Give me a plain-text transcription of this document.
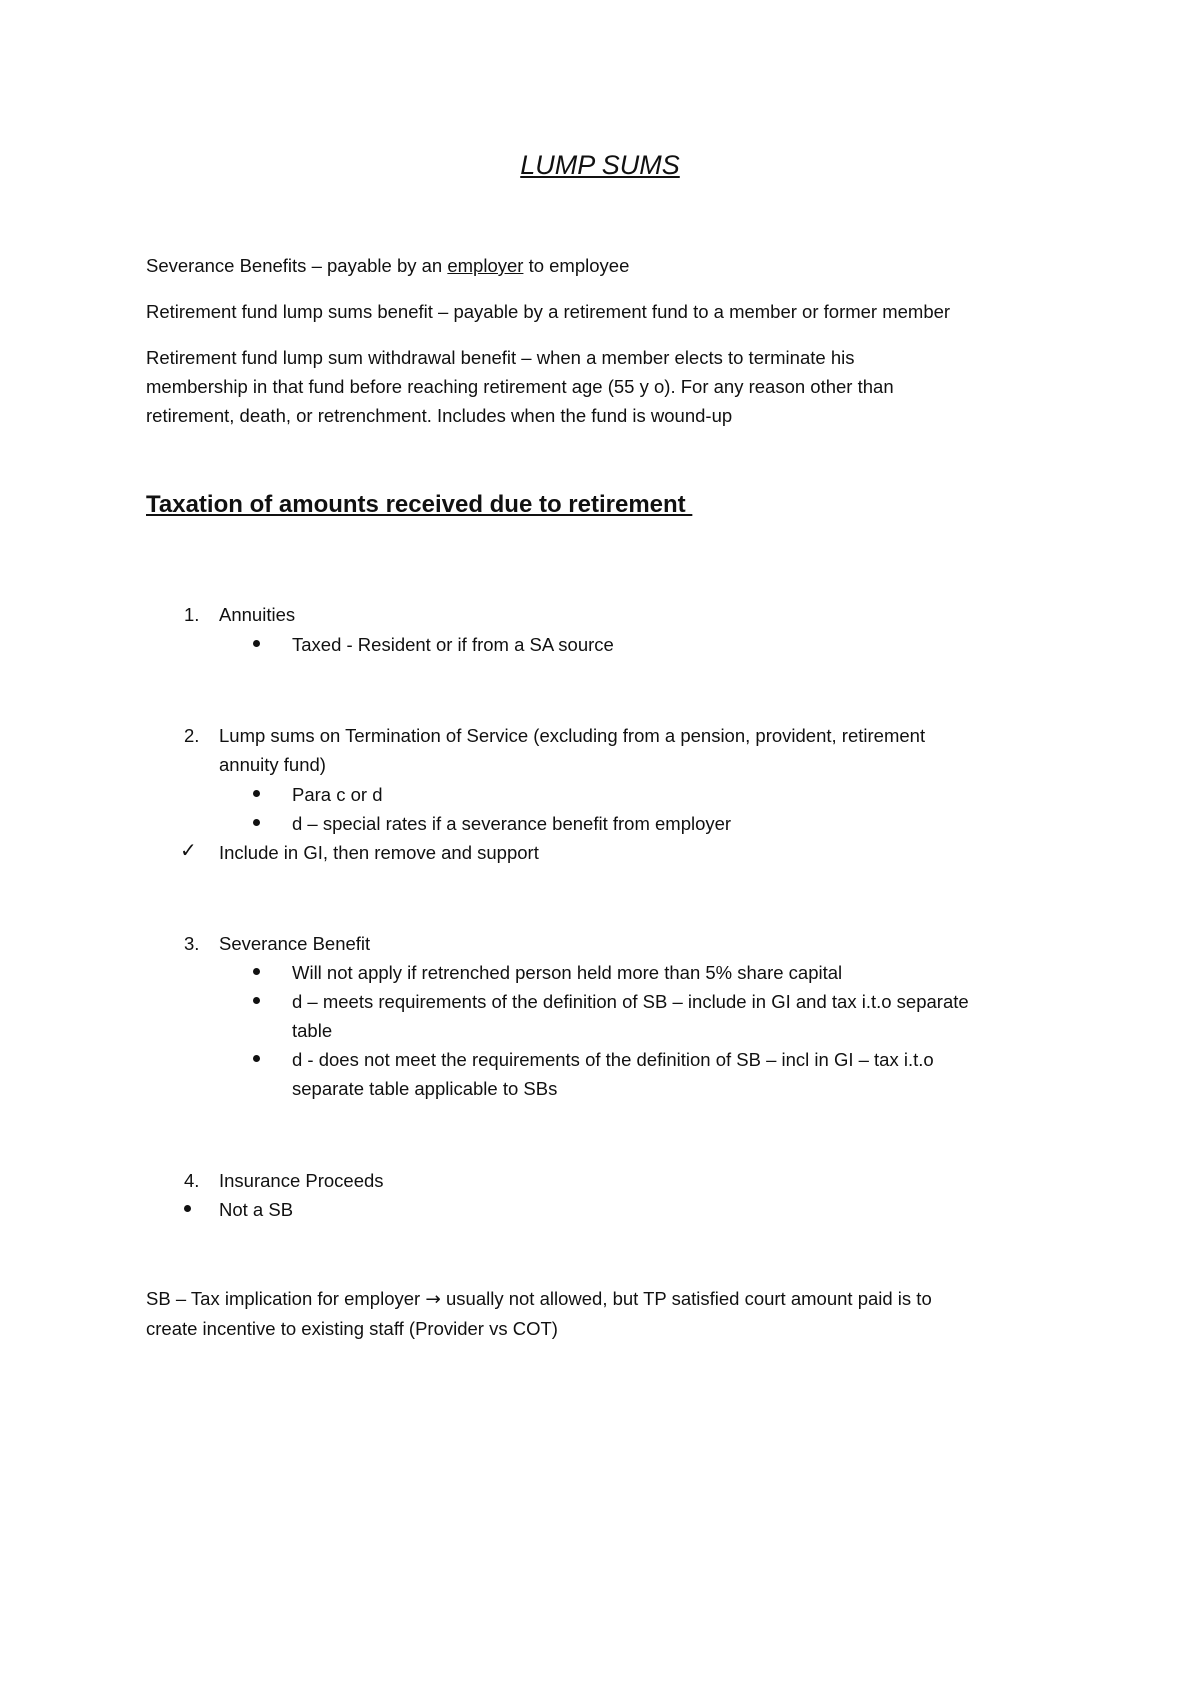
LUMP SUMS
Severance Benefits – payable by an employer to employee
Retirement fund lump sums benefit – payable by a retirement fund to a member or former member
Retirement fund lump sum withdrawal benefit – when a member elects to terminate his
membership in that fund before reaching retirement age (55 y o). For any reason other than
retirement, death, or retrenchment. Includes when the fund is wound-up
Taxation of amounts received due to retirement
1. Annuities
Taxed - Resident or if from a SA source
2. Lump sums on Termination of Service (excluding from a pension, provident, retirement
annuity fund)
Para c or d
d – special rates if a severance benefit from employer
✓ Include in GI, then remove and support
3. Severance Benefit
Will not apply if retrenched person held more than 5% share capital
d – meets requirements of the definition of SB – include in GI and tax i.t.o separate
table
d - does not meet the requirements of the definition of SB – incl in GI – tax i.t.o
separate table applicable to SBs
4. Insurance Proceeds
Not a SB
SB – Tax implication for employer → usually not allowed, but TP satisfied court amount paid is to
create incentive to existing staff (Provider vs COT)
